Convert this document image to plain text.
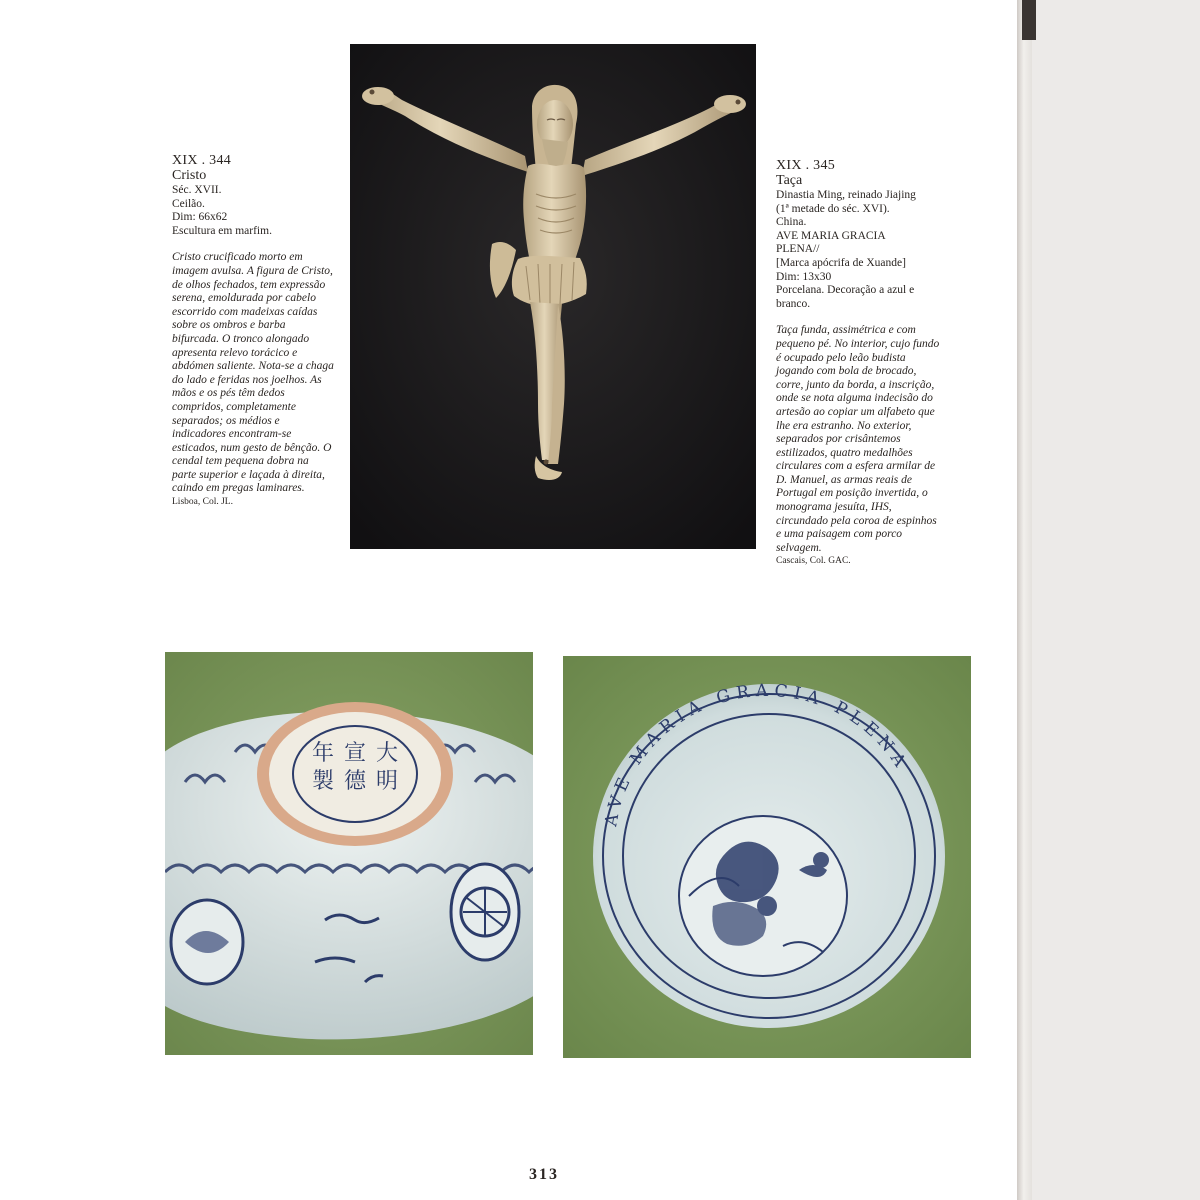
XIX . 344
Cristo
Séc. XVII.
Ceilão.
Dim: 66x62
Escultura em marfim.
Cristo crucificado morto em imagem avulsa. A figura de Cristo, de olhos fechados, tem expressão serena, emoldurada por cabelo escorrido com madeixas caídas sobre os ombros e barba bifurcada. O tronco alongado apresenta relevo torácico e abdómen saliente. Nota-se a chaga do lado e feridas nos joelhos. As mãos e os pés têm dedos compridos, completamente separados; os médios e indicadores encontram-se esticados, num gesto de bênção. O cendal tem pequena dobra na parte superior e laçada à direita, caindo em pregas laminares.
Lisboa, Col. JL.
XIX . 345
Taça
Dinastia Ming, reinado Jiajing
(1ª metade do séc. XVI).
China.
AVE MARIA GRACIA
PLENA//
[Marca apócrifa de Xuande]
Dim: 13x30
Porcelana. Decoração a azul e
branco.
Taça funda, assimétrica e com pequeno pé. No interior, cujo fundo é ocupado pelo leão budista jogando com bola de brocado, corre, junto da borda, a inscrição, onde se nota alguma indecisão do artesão ao copiar um alfabeto que lhe era estranho. No exterior, separados por crisântemos estilizados, quatro medalhões circulares com a esfera armilar de D. Manuel, as armas reais de Portugal em posição invertida, o monograma jesuíta, IHS, circundado pela coroa de espinhos e uma paisagem com porco selvagem.
Cascais, Col. GAC.
大
明
宣
德
年
製
AVE MARIA GRACIA PLENA
313
